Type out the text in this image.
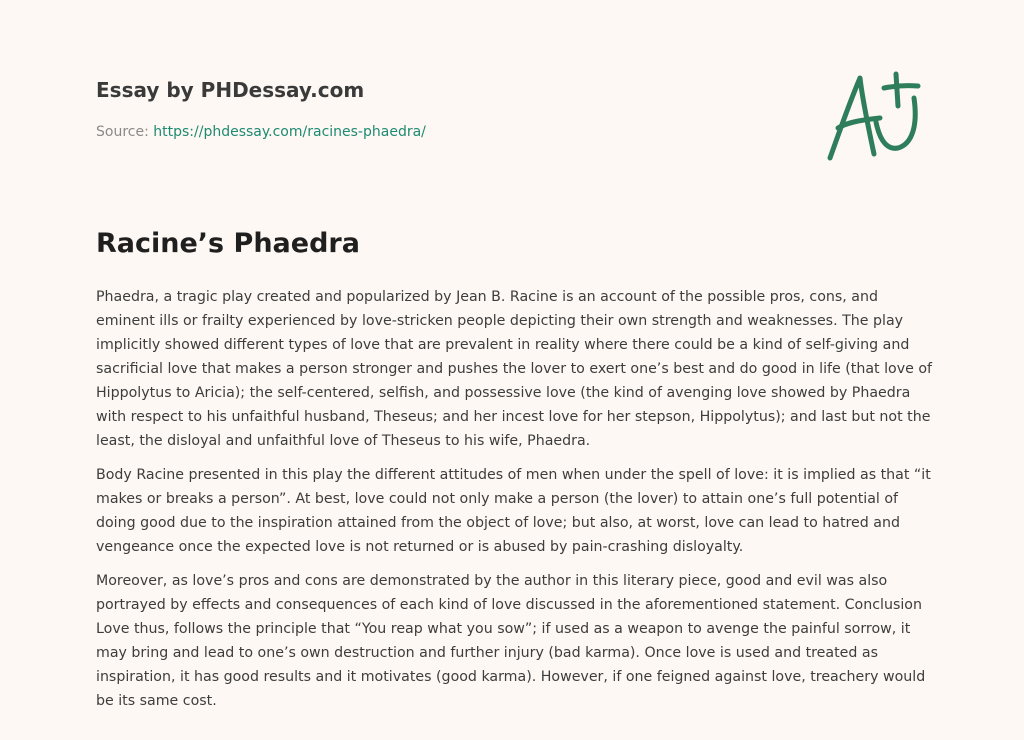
Essay by PHDessay.com
Source: https://phdessay.com/racines-phaedra/
Racine’s Phaedra

Phaedra, a tragic play created and popularized by Jean B. Racine is an account of the possible pros, cons, and eminent ills or frailty experienced by love-stricken people depicting their own strength and weaknesses. The play implicitly showed different types of love that are prevalent in reality where there could be a kind of self-giving and sacrificial love that makes a person stronger and pushes the lover to exert one’s best and do good in life (that love of Hippolytus to Aricia); the self-centered, selfish, and possessive love (the kind of avenging love showed by Phaedra with respect to his unfaithful husband, Theseus; and her incest love for her stepson, Hippolytus); and last but not the least, the disloyal and unfaithful love of Theseus to his wife, Phaedra.

Body Racine presented in this play the different attitudes of men when under the spell of love: it is implied as that “it makes or breaks a person”. At best, love could not only make a person (the lover) to attain one’s full potential of doing good due to the inspiration attained from the object of love; but also, at worst, love can lead to hatred and vengeance once the expected love is not returned or is abused by pain-crashing disloyalty.

Moreover, as love’s pros and cons are demonstrated by the author in this literary piece, good and evil was also portrayed by effects and consequences of each kind of love discussed in the aforementioned statement. Conclusion Love thus, follows the principle that “You reap what you sow”; if used as a weapon to avenge the painful sorrow, it may bring and lead to one’s own destruction and further injury (bad karma). Once love is used and treated as inspiration, it has good results and it motivates (good karma). However, if one feigned against love, treachery would be its same cost.
